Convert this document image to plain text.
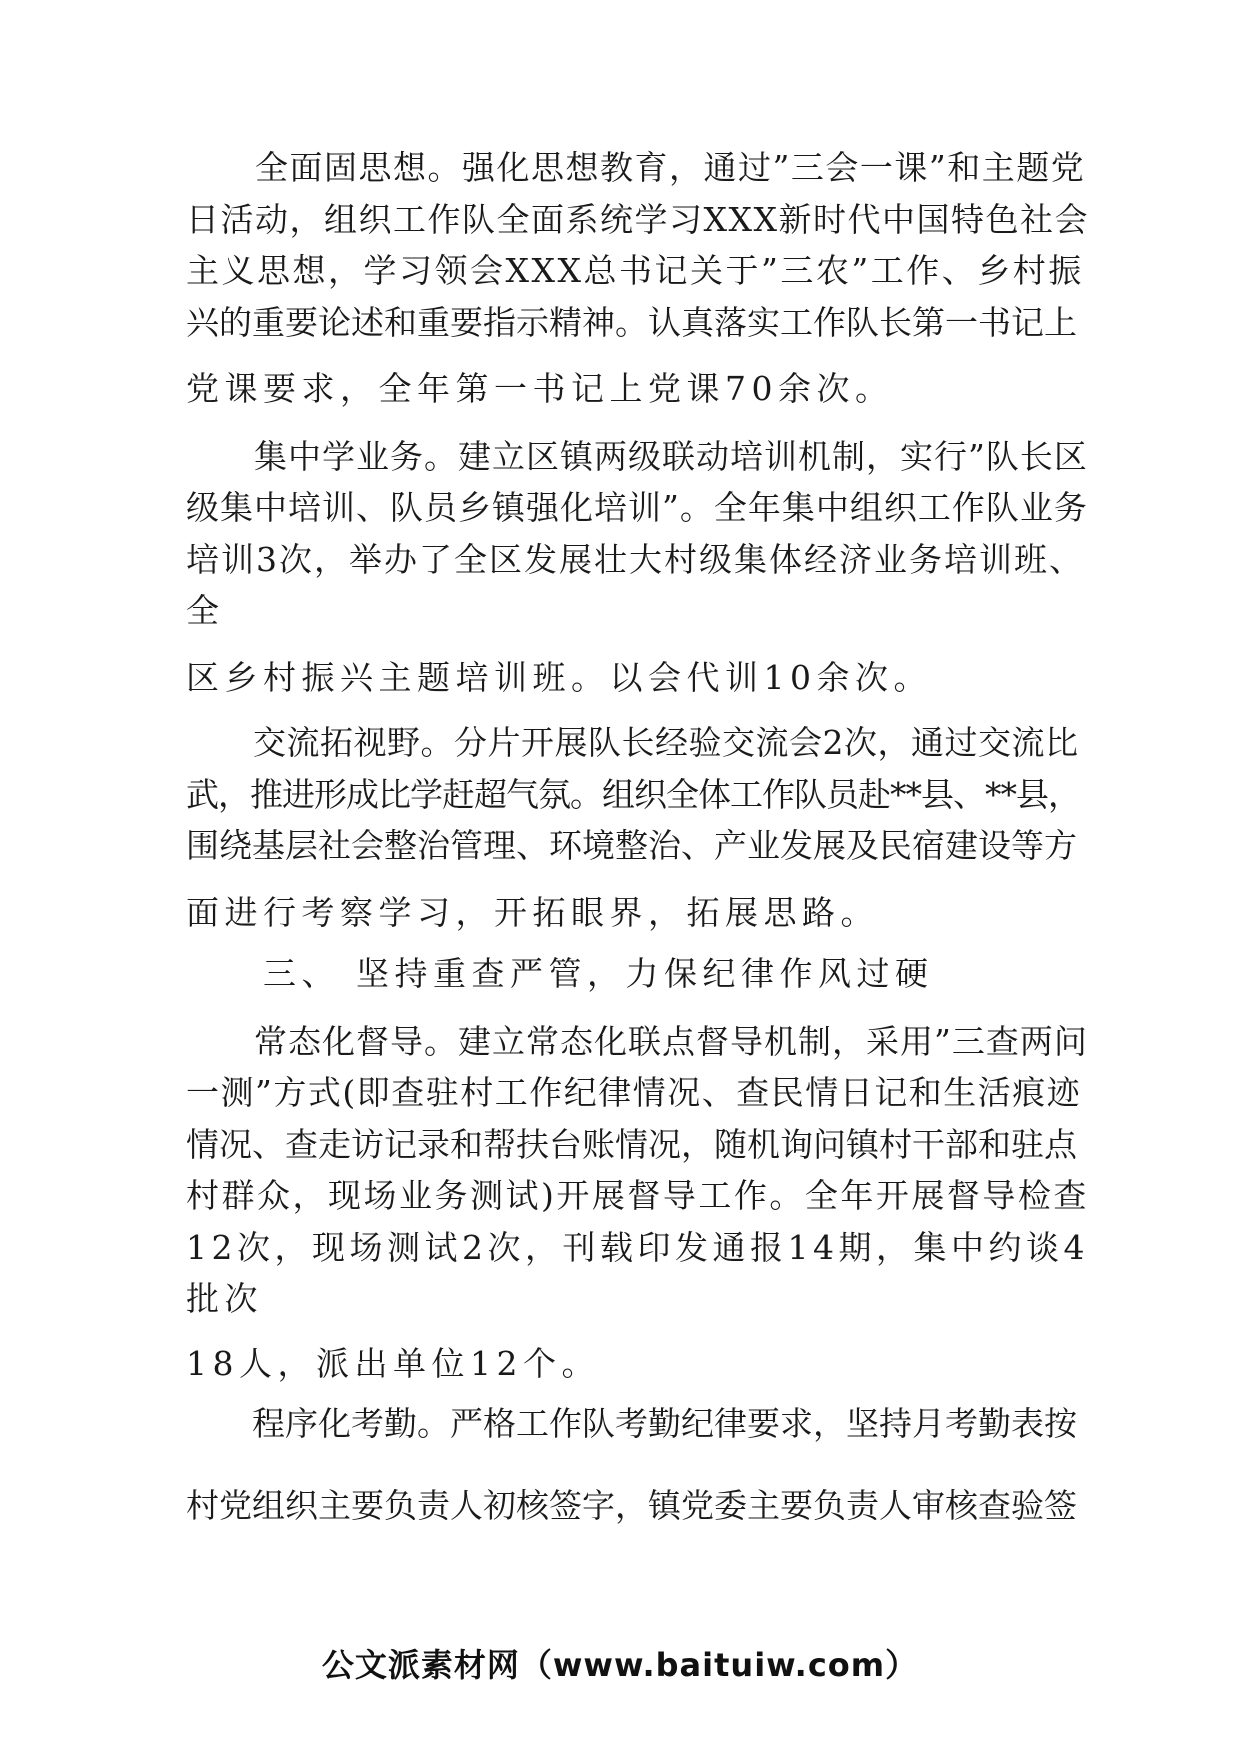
　　全面固思想。强化思想教育，通过”三会一课”和主题党
日活动，组织工作队全面系统学习XXX新时代中国特色社会
主义思想，学习领会XXX总书记关于”三农”工作、乡村振
兴的重要论述和重要指示精神。认真落实工作队长第一书记上
党课要求，全年第一书记上党课70余次。
　　集中学业务。建立区镇两级联动培训机制，实行”队长区
级集中培训、队员乡镇强化培训”。全年集中组织工作队业务
培训3次，举办了全区发展壮大村级集体经济业务培训班、
全
区乡村振兴主题培训班。以会代训10余次。
　　交流拓视野。分片开展队长经验交流会2次，通过交流比
武，推进形成比学赶超气氛。组织全体工作队员赴**县、**县，
围绕基层社会整治管理、环境整治、产业发展及民宿建设等方
面进行考察学习，开拓眼界，拓展思路。
　　三、 坚持重查严管，力保纪律作风过硬
　　常态化督导。建立常态化联点督导机制，采用”三查两问
一测”方式(即查驻村工作纪律情况、查民情日记和生活痕迹
情况、查走访记录和帮扶台账情况，随机询问镇村干部和驻点
村群众，现场业务测试)开展督导工作。全年开展督导检查
12次，现场测试2次，刊载印发通报14期，集中约谈4
批次
18人，派出单位12个。
　　程序化考勤。严格工作队考勤纪律要求，坚持月考勤表按
村党组织主要负责人初核签字，镇党委主要负责人审核查验签
公文派素材网（www.baituiw.com）
